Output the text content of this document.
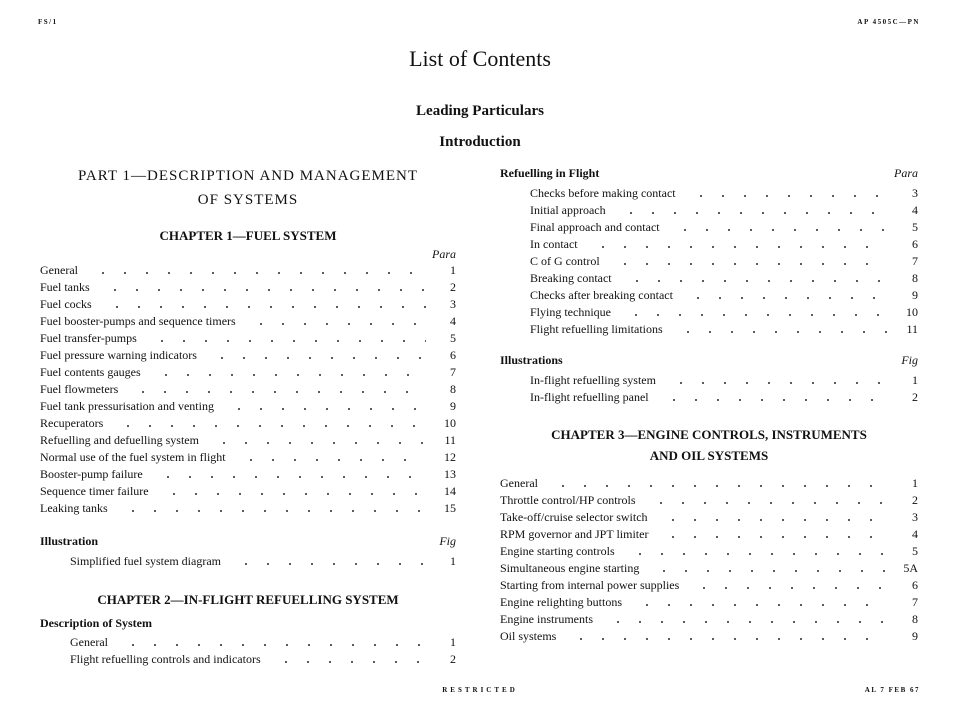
FS/1	AP 4505C—PN
List of Contents
Leading Particulars
Introduction
PART 1—DESCRIPTION AND MANAGEMENT
OF SYSTEMS
CHAPTER 1—FUEL SYSTEM
Para
General	1
Fuel tanks	2
Fuel cocks	3
Fuel booster-pumps and sequence timers	4
Fuel transfer-pumps	5
Fuel pressure warning indicators	6
Fuel contents gauges	7
Fuel flowmeters	8
Fuel tank pressurisation and venting	9
Recuperators	10
Refuelling and defuelling system	11
Normal use of the fuel system in flight	12
Booster-pump failure	13
Sequence timer failure	14
Leaking tanks	15
Illustration	Fig
Simplified fuel system diagram	1
CHAPTER 2—IN-FLIGHT REFUELLING SYSTEM
Description of System
General	1
Flight refuelling controls and indicators	2
Refuelling in Flight	Para
Checks before making contact	3
Initial approach	4
Final approach and contact	5
In contact	6
C of G control	7
Breaking contact	8
Checks after breaking contact	9
Flying technique	10
Flight refuelling limitations	11
Illustrations	Fig
In-flight refuelling system	1
In-flight refuelling panel	2
CHAPTER 3—ENGINE CONTROLS, INSTRUMENTS
AND OIL SYSTEMS
General	1
Throttle control/HP controls	2
Take-off/cruise selector switch	3
RPM governor and JPT limiter	4
Engine starting controls	5
Simultaneous engine starting	5A
Starting from internal power supplies	6
Engine relighting buttons	7
Engine instruments	8
Oil systems	9
RESTRICTED	AL 7 FEB 67
